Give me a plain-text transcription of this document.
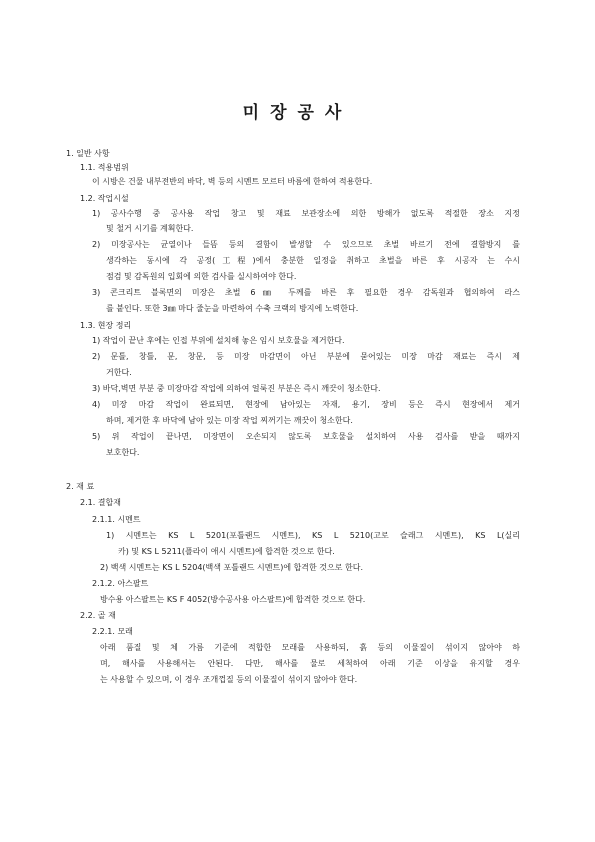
미장공사
1. 일반 사항
1.1. 적용범위
이 시방은 건물 내부전반의 바닥, 벽 등의 시멘트 모르터 바름에 한하여 적용한다.
1.2. 작업시설
1) 공사수행 중 공사용 작업 창고 및 재료 보관장소에 의한 방해가 없도록 적절한 장소 지정
및 철거 시기를 계획한다.
2) 미장공사는 균열이나 들뜸 등의 결함이 발생할 수 있으므로 초벌 바르기 전에 결함방지 를
생각하는 동시에 각 공정(工程)에서 충분한 일정을 취하고 초벌을 바른 후 시공자 는 수시
점검 및 감독원의 입회에 의한 검사를 실시하여야 한다.
3) 콘크리트 블록면의 미장은 초벌 6㎜ 두께를 바른 후 필요한 경우 감독원과 협의하여 라스
를 붙인다. 또한 3㎜ 마다 줄눈을 마련하여 수축 크랙의 방지에 노력한다.
1.3. 현장 정리
1) 작업이 끝난 후에는 인접 부위에 설치해 놓은 임시 보호물을 제거한다.
2) 문틀, 창틀, 문, 창문, 등 미장 마감면이 아닌 부분에 묻어있는 미장 마감 재료는 즉시 제
거한다.
3) 바닥,벽면 부분 중 미장마감 작업에 의하여 얼룩진 부분은 즉시 깨끗이 청소한다.
4) 미장 마감 작업이 완료되면, 현장에 남아있는 자재, 용기, 장비 등은 즉시 현장에서 제거
하며, 제거한 후 바닥에 남아 있는 미장 작업 찌꺼기는 깨끗이 청소한다.
5) 위 작업이 끝나면, 미장면이 오손되지 않도록 보호물을 설치하여 사용 검사를 받을 때까지
보호한다.
2. 재 료
2.1. 결합재
2.1.1. 시멘트
1) 시멘트는 KS L 5201(포틀랜드 시멘트), KS L 5210(고로 슬래그 시멘트), KS L(실리
카) 및 KS L 5211(플라이 애시 시멘트)에 합격한 것으로 한다.
2) 백색 시멘트는 KS L 5204(백색 포틀랜드 시멘트)에 합격한 것으로 한다.
2.1.2. 아스팔트
방수용 아스팔트는 KS F 4052(방수공사용 아스팔트)에 합격한 것으로 한다.
2.2. 골 재
2.2.1. 모래
아래 품질 및 체 가름 기준에 적합한 모래를 사용하되, 흙 등의 이물질이 섞이지 않아야 하
며, 해사를 사용해서는 안된다. 다만, 해사를 물로 세척하여 아래 기준 이상을 유지할 경우
는 사용할 수 있으며, 이 경우 조개껍질 등의 이물질이 섞이지 않아야 한다.
